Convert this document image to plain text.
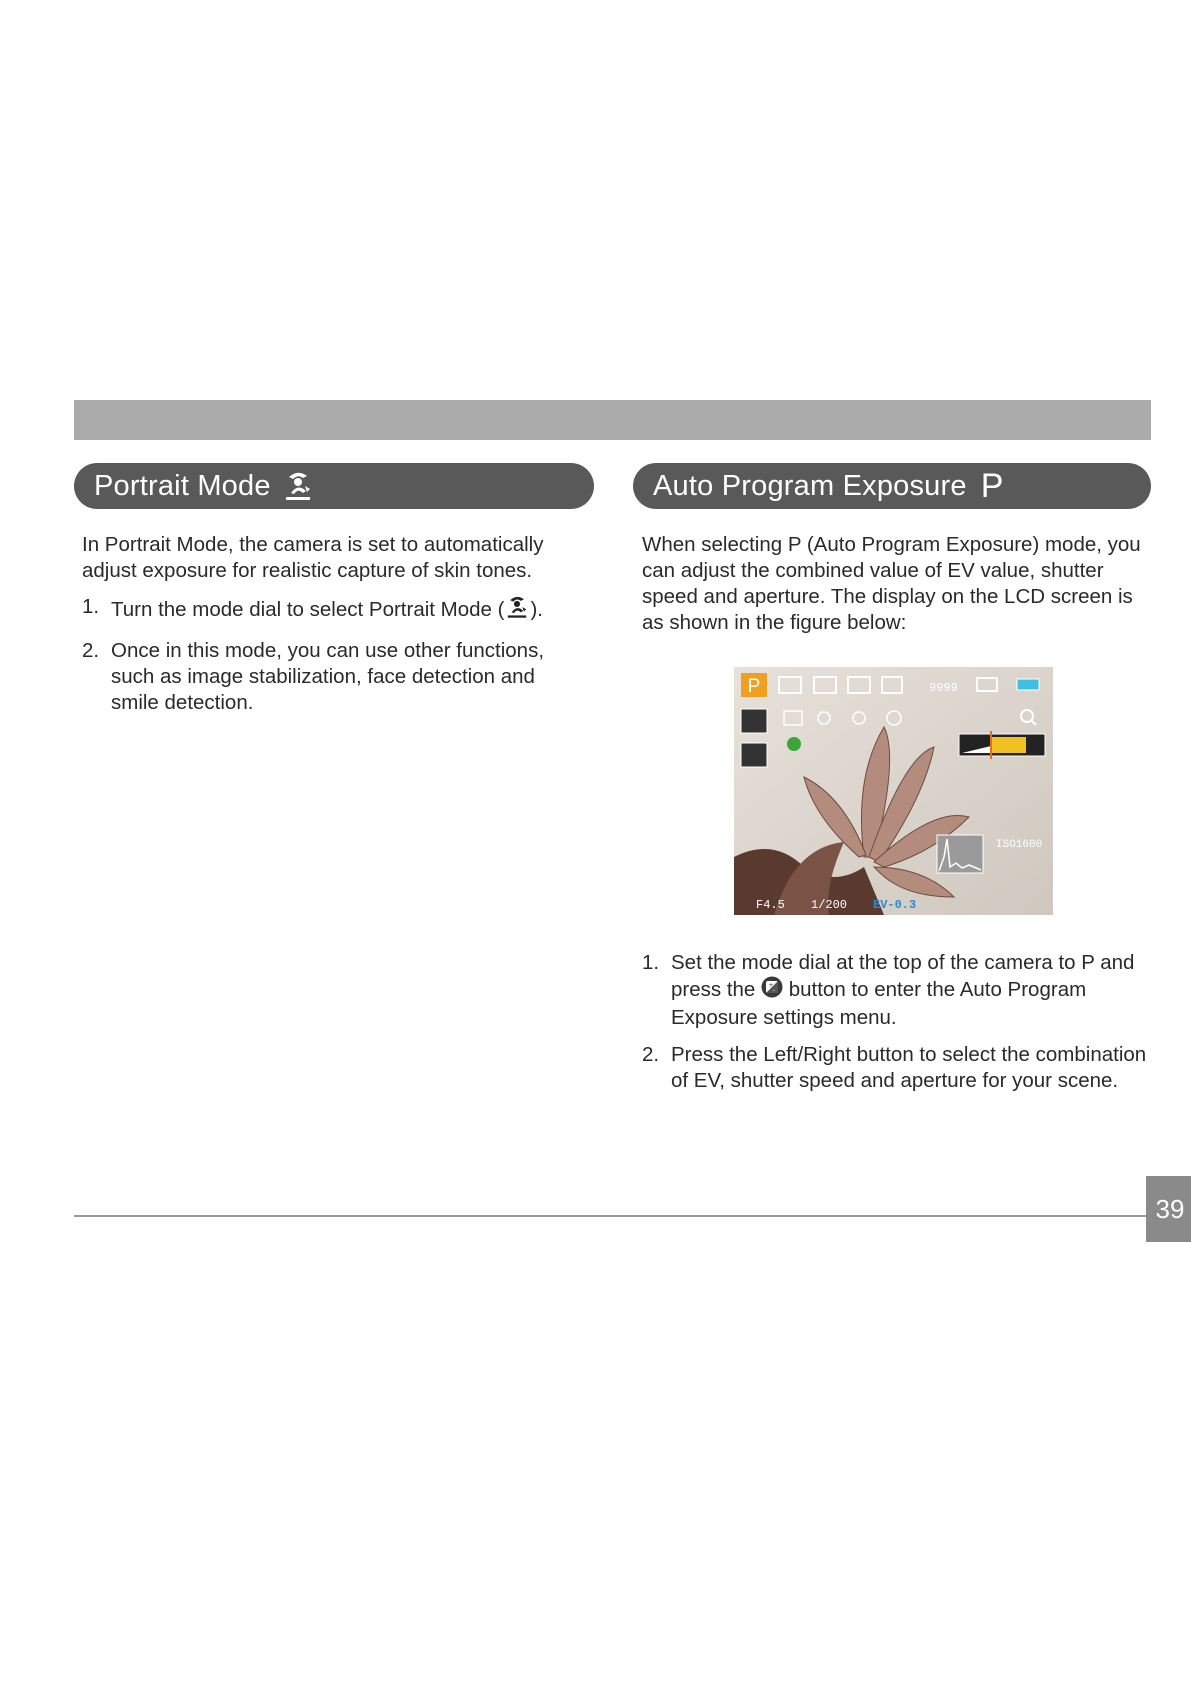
Portrait Mode	Auto Program Exposure P

In Portrait Mode, the camera is set to automatically adjust exposure for realistic capture of skin tones.

1. Turn the mode dial to select Portrait Mode ( ).
2. Once in this mode, you can use other functions, such as image stabilization, face detection and smile detection.

When selecting P (Auto Program Exposure) mode, you can adjust the combined value of EV value, shutter speed and aperture. The display on the LCD screen is as shown in the figure below:

P	9999
ISO1600
F4.5 1/200 EV-0.3
1. Set the mode dial at the top of the camera to P and press the +
- button to enter the Auto Program Exposure settings menu.
2. Press the Left/Right button to select the combination of EV, shutter speed and aperture for your scene.
39
